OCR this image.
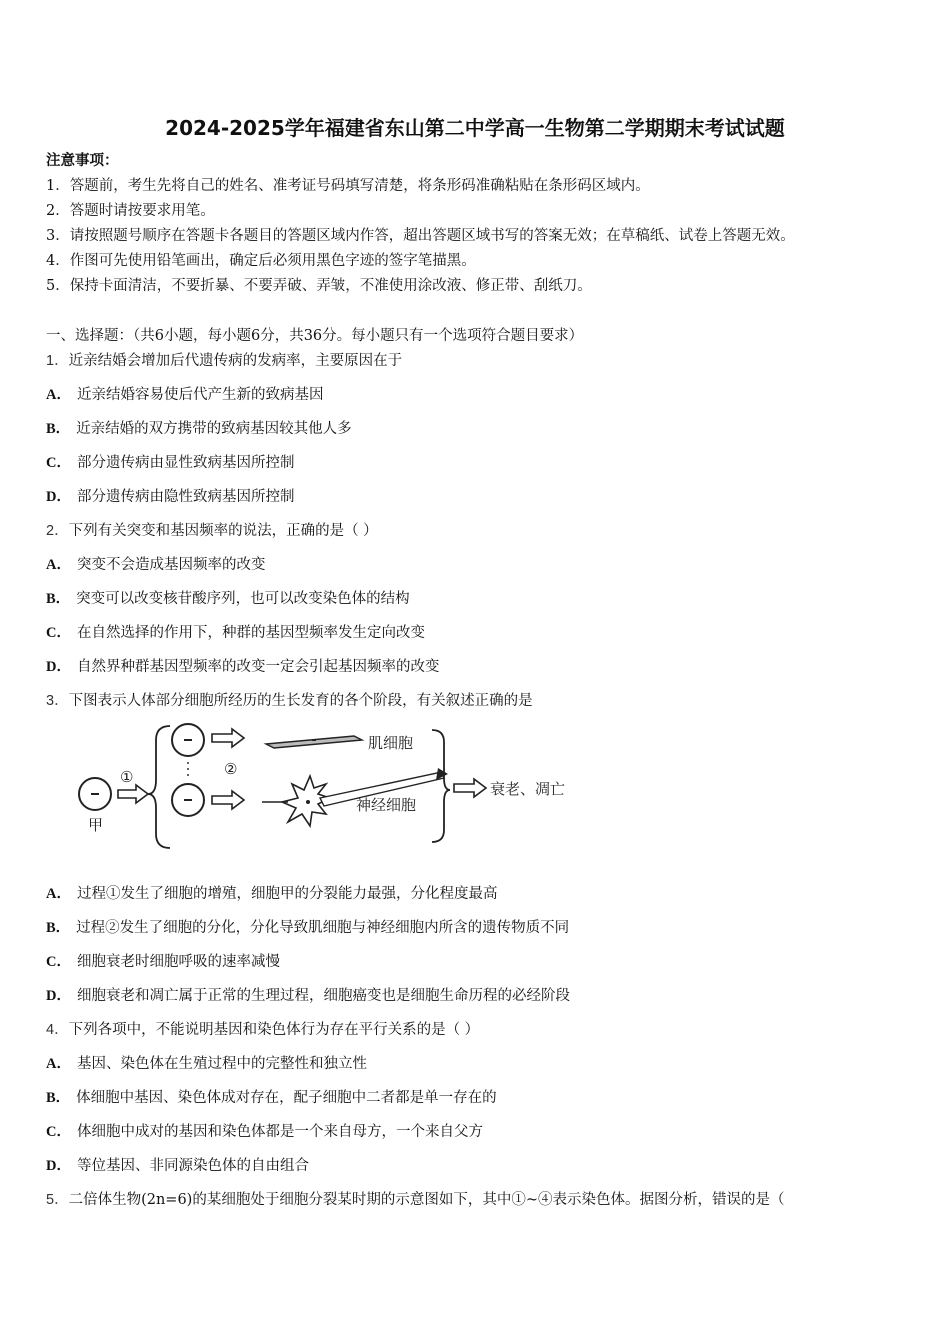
2024-2025学年福建省东山第二中学高一生物第二学期期末考试试题
注意事项：
1．答题前，考生先将自己的姓名、准考证号码填写清楚，将条形码准确粘贴在条形码区域内。
2．答题时请按要求用笔。
3．请按照题号顺序在答题卡各题目的答题区域内作答，超出答题区域书写的答案无效；在草稿纸、试卷上答题无效。
4．作图可先使用铅笔画出，确定后必须用黑色字迹的签字笔描黑。
5．保持卡面清洁，不要折暴、不要弄破、弄皱，不准使用涂改液、修正带、刮纸刀。
一、选择题：（共6小题，每小题6分，共36分。每小题只有一个选项符合题目要求）
1．近亲结婚会增加后代遗传病的发病率，主要原因在于
A． 近亲结婚容易使后代产生新的致病基因
B． 近亲结婚的双方携带的致病基因较其他人多
C． 部分遗传病由显性致病基因所控制
D． 部分遗传病由隐性致病基因所控制
2．下列有关突变和基因频率的说法，正确的是（ ）
A． 突变不会造成基因频率的改变
B． 突变可以改变核苷酸序列，也可以改变染色体的结构
C． 在自然选择的作用下，种群的基因型频率发生定向改变
D． 自然界种群基因型频率的改变一定会引起基因频率的改变
3．下图表示人体部分细胞所经历的生长发育的各个阶段，有关叙述正确的是
甲
①	②
肌细胞
神经细胞
衰老、凋亡
A． 过程①发生了细胞的增殖，细胞甲的分裂能力最强，分化程度最高
B． 过程②发生了细胞的分化，分化导致肌细胞与神经细胞内所含的遗传物质不同
C． 细胞衰老时细胞呼吸的速率减慢
D． 细胞衰老和凋亡属于正常的生理过程，细胞癌变也是细胞生命历程的必经阶段
4．下列各项中，不能说明基因和染色体行为存在平行关系的是（ ）
A． 基因、染色体在生殖过程中的完整性和独立性
B． 体细胞中基因、染色体成对存在，配子细胞中二者都是单一存在的
C． 体细胞中成对的基因和染色体都是一个来自母方，一个来自父方
D． 等位基因、非同源染色体的自由组合
5．二倍体生物(2n=6)的某细胞处于细胞分裂某时期的示意图如下，其中①~④表示染色体。据图分析，错误的是（
